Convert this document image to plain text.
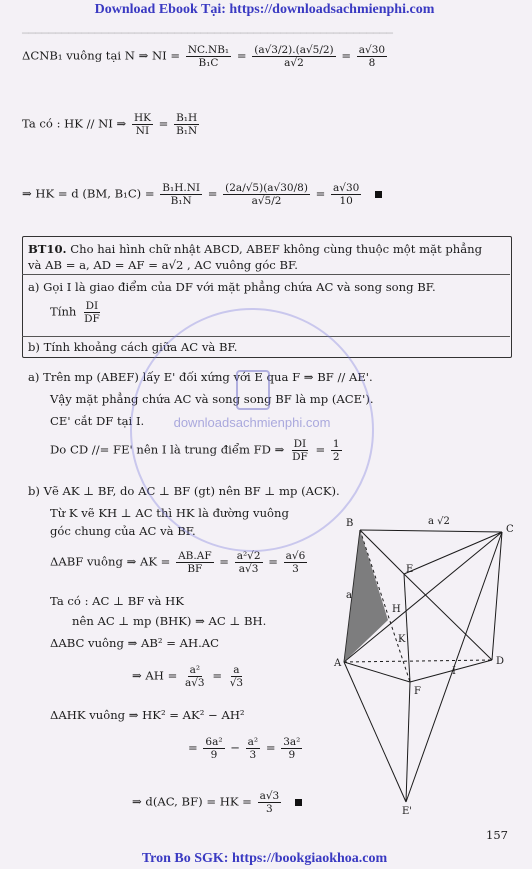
Download Ebook Tại: https://downloadsachmienphi.com
━━━━━━━━━━━━━━━━━━━━━━━━━━━━━━━━━━━━━━━━━━━━━━━━━━━━━━━━
ΔCNB₁ vuông tại N ⇒ NI = $\frac{\text{NC.NB₁}}{\text{B₁C}} = \frac{(a√3/2).(a√5/2)}{a√2} = \frac{a√30}{8}$
Ta có : HK // NI ⇒ $\frac{HK}{NI} = \frac{\text{B₁H}}{\text{B₁N}}$
⇒ HK = d (BM, $B_1C) = \frac{\text{B₁H.NI}}{\text{B₁N}} = \frac{(2a/√5)(a√30/8)}{a√5/2} = \frac{a√30}{10}$

BT10. Cho hai hình chữ nhật ABCD, ABEF không cùng thuộc một mặt phẳng
và AB = a, AD = AF = a√2 , AC vuông góc BF.
a) Gọi I là giao điểm của DF với mặt phẳng chứa AC và song song BF.
Tính $\frac{DI}{DF}$
b) Tính khoảng cách giữa AC và BF.
a) Trên mp (ABEF) lấy E' đối xứng với E qua F ⇒ BF // AE'.
Vậy mặt phẳng chứa AC và song song BF là mp (ACE').
CE' cắt DF tại I.
Do CD //= FE' nên I là trung điểm FD ⇒ $\frac{DI}{DF} = \frac{1}{2}$
b) Vẽ AK ⊥ BF, do AC ⊥ BF (gt) nên BF ⊥ mp (ACK).
Từ K vẽ KH ⊥ AC thì HK là đường vuông
góc chung của AC và BF.
ΔABF vuông ⇒ AK = $\frac{AB.AF}{BF} = \frac{\text{a²√2}}{a√3} = \frac{a√6}{3}$
Ta có : AC ⊥ BF và HK
nên AC ⊥ mp (BHK) ⇒ AC ⊥ BH.
ΔABC vuông ⇒ AB² = AH.AC
⇒ AH = $\frac{\text{a²}}{a√3} = \frac{a}{√3}$
ΔAHK vuông ⇒ HK² = AK² − AH²
= $\frac{\text{6a²}}{9} - \frac{\text{a²}}{3} = \frac{\text{3a²}}{9}$
⇒ d(AC, BF) = HK = $\frac{a√3}{3}$

B
C
E
H
K
A	D
F
I
E'
a
a √2
157
downloadsachmienphi.com
Tron Bo SGK: https://bookgiaokhoa.com
